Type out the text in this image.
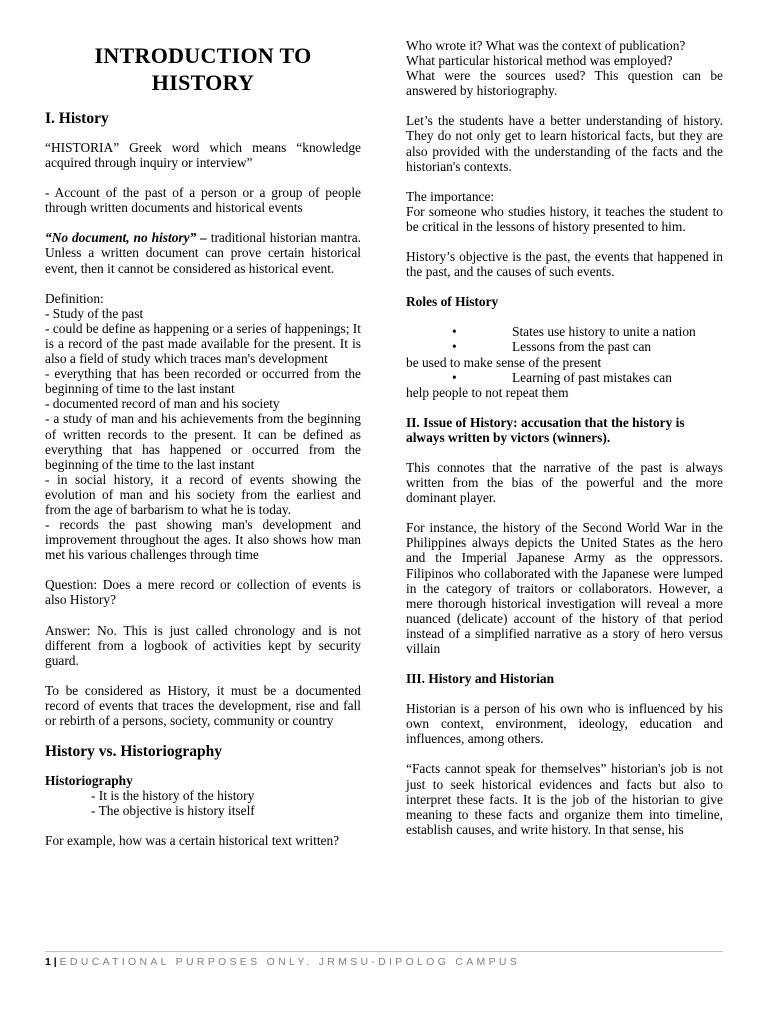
INTRODUCTION TO
HISTORY
I. History

“HISTORIA” Greek word which means “knowledge acquired through inquiry or interview”

- Account of the past of a person or a group of people through written documents and historical events

“No document, no history” – traditional historian mantra. Unless a written document can prove certain historical event, then it cannot be considered as historical event.

Definition:
- Study of the past
- could be define as happening or a series of happenings; It is a record of the past made available for the present. It is also a field of study which traces man's development
- everything that has been recorded or occurred from the beginning of time to the last instant
- documented record of man and his society
- a study of man and his achievements from the beginning of written records to the present. It can be defined as everything that has happened or occurred from the beginning of the time to the last instant
- in social history, it a record of events showing the evolution of man and his society from the earliest and from the age of barbarism to what he is today.
- records the past showing man's development and improvement throughout the ages. It also shows how man met his various challenges through time

Question: Does a mere record or collection of events is also History?

Answer: No. This is just called chronology and is not different from a logbook of activities kept by security guard.

To be considered as History, it must be a documented record of events that traces the development, rise and fall or rebirth of a persons, society, community or country

History vs. Historiography

Historiography
- It is the history of the history
- The objective is history itself

For example, how was a certain historical text written?

Who wrote it? What was the context of publication?

What particular historical method was employed?
What were the sources used? This question can be answered by historiography.

Let’s the students have a better understanding of history. They do not only get to learn historical facts, but they are also provided with the understanding of the facts and the historian's contexts.

The importance:
For someone who studies history, it teaches the student to be critical in the lessons of history presented to him.

History’s objective is the past, the events that happened in the past, and the causes of such events.

Roles of History

• States use history to unite a nation
• Lessons from the past can
be used to make sense of the present
• Learning of past mistakes can
help people to not repeat them

II. Issue of History: accusation that the history is always written by victors (winners).

This connotes that the narrative of the past is always written from the bias of the powerful and the more dominant player.

For instance, the history of the Second World War in the Philippines always depicts the United States as the hero and the Imperial Japanese Army as the oppressors. Filipinos who collaborated with the Japanese were lumped in the category of traitors or collaborators. However, a mere thorough historical investigation will reveal a more nuanced (delicate) account of the history of that period instead of a simplified narrative as a story of hero versus villain

III. History and Historian

Historian is a person of his own who is influenced by his own context, environment, ideology, education and influences, among others.

“Facts cannot speak for themselves” historian's job is not just to seek historical evidences and facts but also to interpret these facts. It is the job of the historian to give meaning to these facts and organize them into timeline, establish causes, and write history. In that sense, his

1 | EDUCATIONAL PURPOSES ONLY. JRMSU-DIPOLOG CAMPUS
